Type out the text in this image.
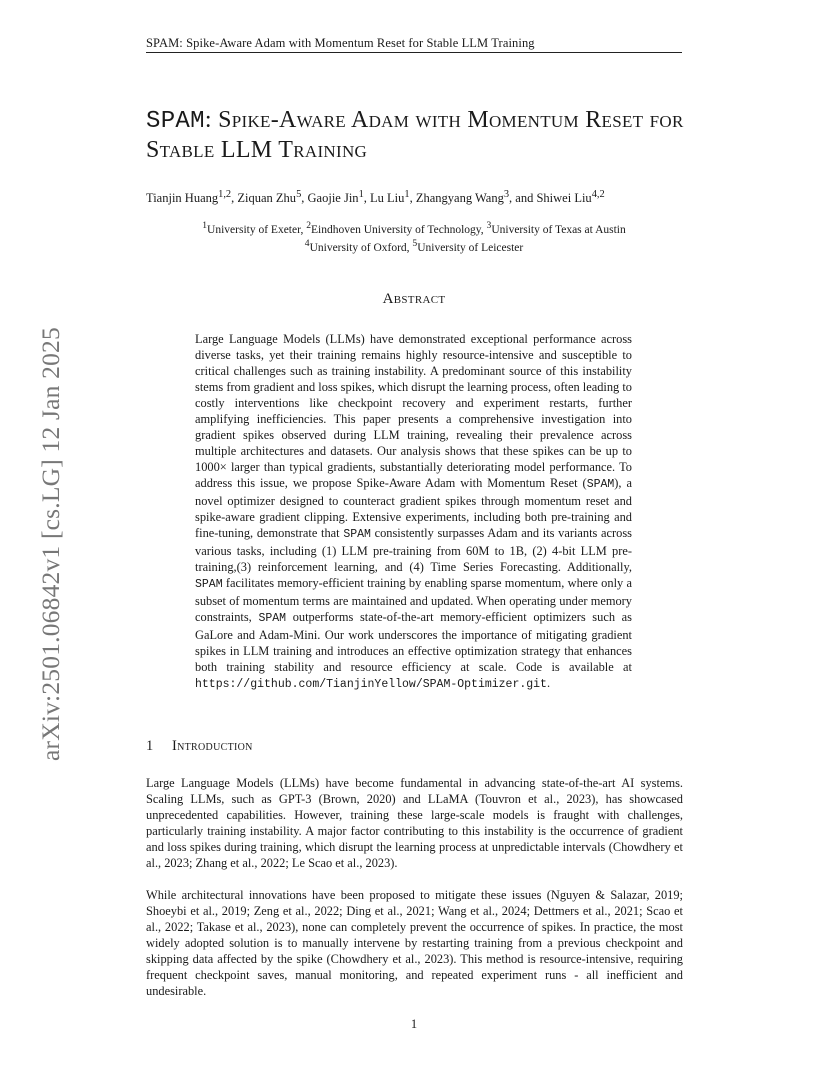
SPAM: Spike-Aware Adam with Momentum Reset for Stable LLM Training
arXiv:2501.06842v1 [cs.LG] 12 Jan 2025
SPAM: Spike-Aware Adam with Momentum Reset for Stable LLM Training
Tianjin Huang$^{1,2}$, Ziquan Zhu$^5$, Gaojie Jin$^1$, Lu Liu$^1$, Zhangyang Wang$^3$, and Shiwei Liu$^{4,2}$
$^1$University of Exeter, $^2$Eindhoven University of Technology, $^3$University of Texas at Austin
$^4$University of Oxford, $^5$University of Leicester
Abstract
Large Language Models (LLMs) have demonstrated exceptional performance across diverse tasks, yet their training remains highly resource-intensive and susceptible to critical challenges such as training instability. A predominant source of this instability stems from gradient and loss spikes, which disrupt the learning process, often leading to costly interventions like checkpoint recovery and experiment restarts, further amplifying inefficiencies. This paper presents a comprehensive investigation into gradient spikes observed during LLM training, revealing their prevalence across multiple architectures and datasets. Our analysis shows that these spikes can be up to 1000× larger than typical gradients, substantially deteriorating model performance. To address this issue, we propose Spike-Aware Adam with Momentum Reset (SPAM), a novel optimizer designed to counteract gradient spikes through momentum reset and spike-aware gradient clipping. Extensive experiments, including both pre-training and fine-tuning, demonstrate that SPAM consistently surpasses Adam and its variants across various tasks, including (1) LLM pre-training from 60M to 1B, (2) 4-bit LLM pre-training,(3) reinforcement learning, and (4) Time Series Forecasting. Additionally, SPAM facilitates memory-efficient training by enabling sparse momentum, where only a subset of momentum terms are maintained and updated. When operating under memory constraints, SPAM outperforms state-of-the-art memory-efficient optimizers such as GaLore and Adam-Mini. Our work underscores the importance of mitigating gradient spikes in LLM training and introduces an effective optimization strategy that enhances both training stability and resource efficiency at scale. Code is available at https://github.com/TianjinYellow/SPAM-Optimizer.git.
1 Introduction
Large Language Models (LLMs) have become fundamental in advancing state-of-the-art AI systems. Scaling LLMs, such as GPT-3 (Brown, 2020) and LLaMA (Touvron et al., 2023), has showcased unprecedented capabilities. However, training these large-scale models is fraught with challenges, particularly training instability. A major factor contributing to this instability is the occurrence of gradient and loss spikes during training, which disrupt the learning process at unpredictable intervals (Chowdhery et al., 2023; Zhang et al., 2022; Le Scao et al., 2023).
While architectural innovations have been proposed to mitigate these issues (Nguyen & Salazar, 2019; Shoeybi et al., 2019; Zeng et al., 2022; Ding et al., 2021; Wang et al., 2024; Dettmers et al., 2021; Scao et al., 2022; Takase et al., 2023), none can completely prevent the occurrence of spikes. In practice, the most widely adopted solution is to manually intervene by restarting training from a previous checkpoint and skipping data affected by the spike (Chowdhery et al., 2023). This method is resource-intensive, requiring frequent checkpoint saves, manual monitoring, and repeated experiment runs - all inefficient and undesirable.
1
